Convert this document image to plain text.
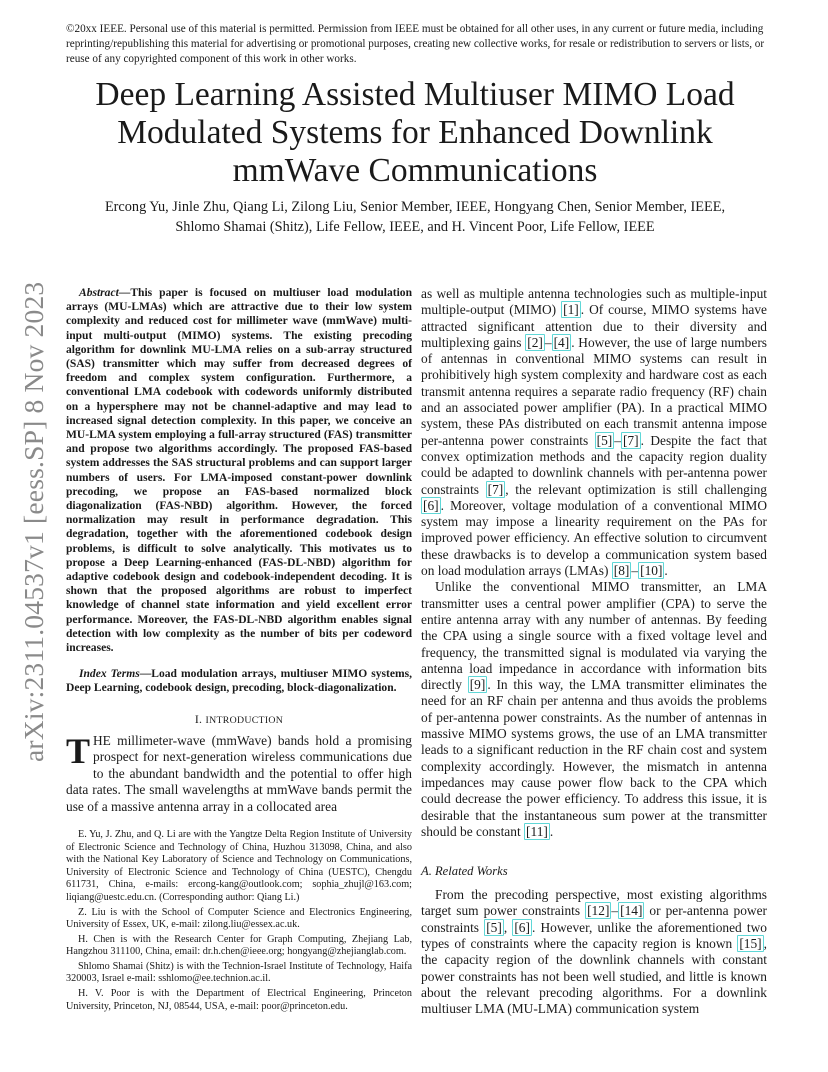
©20xx IEEE. Personal use of this material is permitted. Permission from IEEE must be obtained for all other uses, in any current or future media, including reprinting/republishing this material for advertising or promotional purposes, creating new collective works, for resale or redistribution to servers or lists, or reuse of any copyrighted component of this work in other works.
Deep Learning Assisted Multiuser MIMO Load
Modulated Systems for Enhanced Downlink
mmWave Communications
Ercong Yu, Jinle Zhu, Qiang Li, Zilong Liu, Senior Member, IEEE, Hongyang Chen, Senior Member, IEEE,
Shlomo Shamai (Shitz), Life Fellow, IEEE, and H. Vincent Poor, Life Fellow, IEEE
arXiv:2311.04537v1 [eess.SP] 8 Nov 2023	Abstract—This paper is focused on multiuser load modulation arrays (MU-LMAs) which are attractive due to their low system complexity and reduced cost for millimeter wave (mmWave) multi-input multi-output (MIMO) systems. The existing precoding algorithm for downlink MU-LMA relies on a sub-array structured (SAS) transmitter which may suffer from decreased degrees of freedom and complex system configuration. Furthermore, a conventional LMA codebook with codewords uniformly distributed on a hypersphere may not be channel-adaptive and may lead to increased signal detection complexity. In this paper, we conceive an MU-LMA system employing a full-array structured (FAS) transmitter and propose two algorithms accordingly. The proposed FAS-based system addresses the SAS structural problems and can support larger numbers of users. For LMA-imposed constant-power downlink precoding, we propose an FAS-based normalized block diagonalization (FAS-NBD) algorithm. However, the forced normalization may result in performance degradation. This degradation, together with the aforementioned codebook design problems, is difficult to solve analytically. This motivates us to propose a Deep Learning-enhanced (FAS-DL-NBD) algorithm for adaptive codebook design and codebook-independent decoding. It is shown that the proposed algorithms are robust to imperfect knowledge of channel state information and yield excellent error performance. Moreover, the FAS-DL-NBD algorithm enables signal detection with low complexity as the number of bits per codeword increases.

Index Terms—Load modulation arrays, multiuser MIMO systems, Deep Learning, codebook design, precoding, block-diagonalization.

I. INTRODUCTION

THE millimeter-wave (mmWave) bands hold a promising prospect for next-generation wireless communications due to the abundant bandwidth and the potential to offer high data rates. The small wavelengths at mmWave bands permit the use of a massive antenna array in a collocated area

E. Yu, J. Zhu, and Q. Li are with the Yangtze Delta Region Institute of University of Electronic Science and Technology of China, Huzhou 313098, China, and also with the National Key Laboratory of Science and Technology on Communications, University of Electronic Science and Technology of China (UESTC), Chengdu 611731, China, e-mails: ercong-kang@outlook.com; sophia_zhujl@163.com; liqiang@uestc.edu.cn. (Corresponding author: Qiang Li.)

Z. Liu is with the School of Computer Science and Electronics Engineering, University of Essex, UK, e-mail: zilong.liu@essex.ac.uk.

H. Chen is with the Research Center for Graph Computing, Zhejiang Lab, Hangzhou 311100, China, email: dr.h.chen@ieee.org; hongyang@zhejianglab.com.

Shlomo Shamai (Shitz) is with the Technion-Israel Institute of Technology, Haifa 320003, Israel e-mail: sshlomo@ee.technion.ac.il.

H. V. Poor is with the Department of Electrical Engineering, Princeton University, Princeton, NJ, 08544, USA, e-mail: poor@princeton.edu.

as well as multiple antenna technologies such as multiple-input multiple-output (MIMO) [1] . Of course, MIMO systems have attracted significant attention due to their diversity and multiplexing gains [2] – [4] . However, the use of large numbers of antennas in conventional MIMO systems can result in prohibitively high system complexity and hardware cost as each transmit antenna requires a separate radio frequency (RF) chain and an associated power amplifier (PA). In a practical MIMO system, these PAs distributed on each transmit antenna impose per-antenna power constraints [5] – [7] . Despite the fact that convex optimization methods and the capacity region duality could be adapted to downlink channels with per-antenna power constraints [7] , the relevant optimization is still challenging [6] . Moreover, voltage modulation of a conventional MIMO system may impose a linearity requirement on the PAs for improved power efficiency. An effective solution to circumvent these drawbacks is to develop a communication system based on load modulation arrays (LMAs) [8] – [10] .

Unlike the conventional MIMO transmitter, an LMA transmitter uses a central power amplifier (CPA) to serve the entire antenna array with any number of antennas. By feeding the CPA using a single source with a fixed voltage level and frequency, the transmitted signal is modulated via varying the antenna load impedance in accordance with information bits directly [9] . In this way, the LMA transmitter eliminates the need for an RF chain per antenna and thus avoids the problems of per-antenna power constraints. As the number of antennas in massive MIMO systems grows, the use of an LMA transmitter leads to a significant reduction in the RF chain cost and system complexity accordingly. However, the mismatch in antenna impedances may cause power flow back to the CPA which could decrease the power efficiency. To address this issue, it is desirable that the instantaneous sum power at the transmitter should be constant [11] .

A. Related Works

From the precoding perspective, most existing algorithms target sum power constraints [12] – [14] or per-antenna power constraints [5] , [6] . However, unlike the aforementioned two types of constraints where the capacity region is known [15] , the capacity region of the downlink channels with constant power constraints has not been well studied, and little is known about the relevant precoding algorithms. For a downlink multiuser LMA (MU-LMA) communication system
